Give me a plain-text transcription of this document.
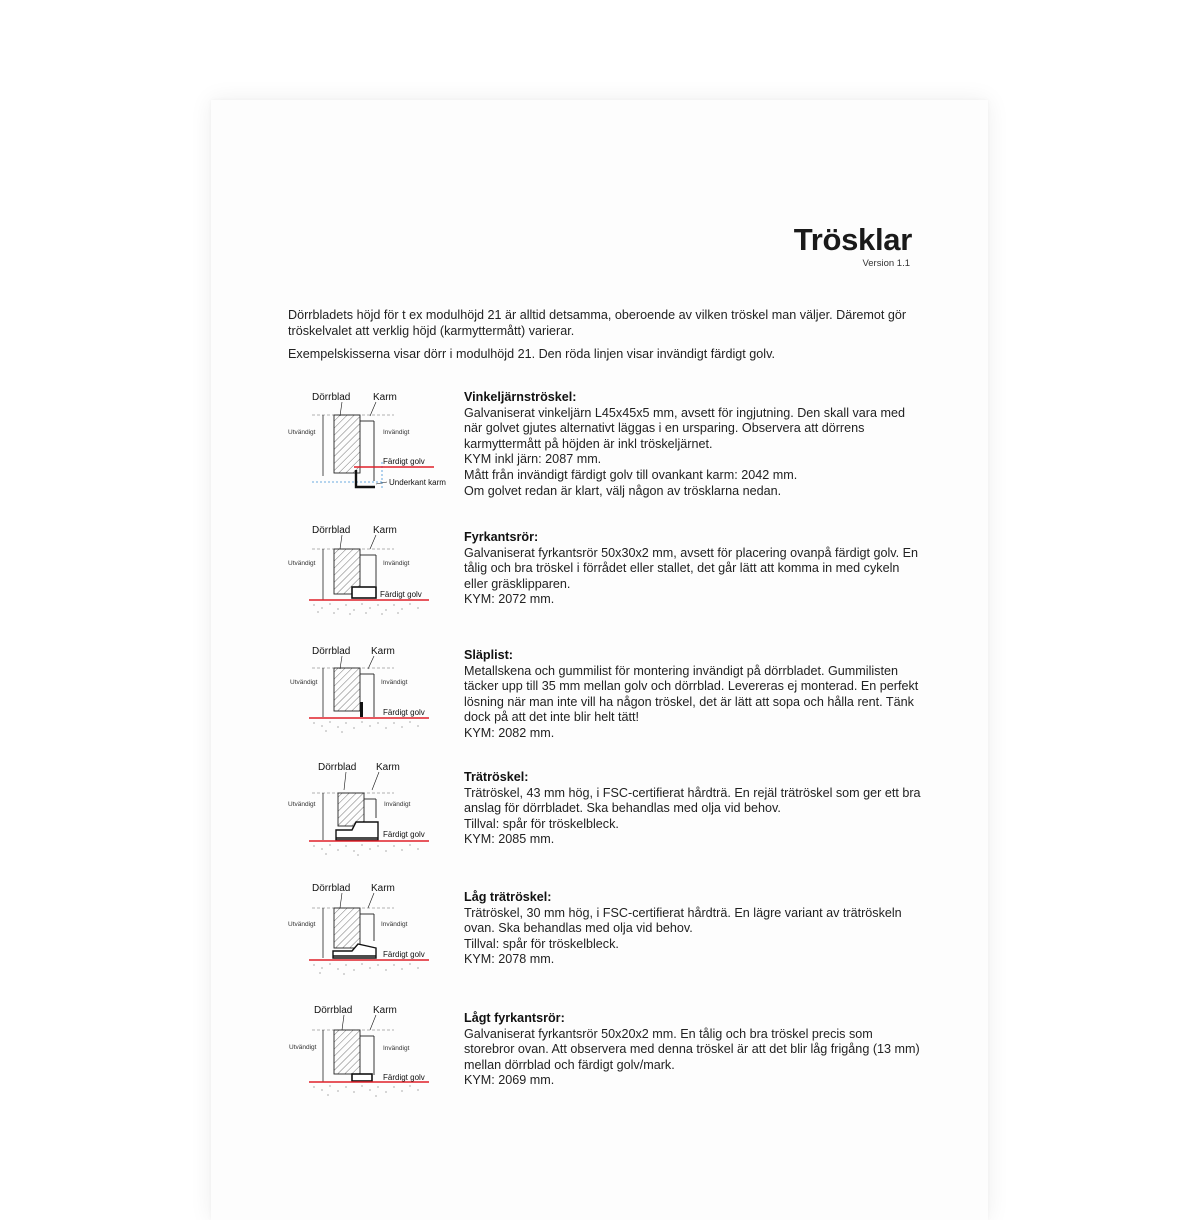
Trösklar
Version 1.1

Dörrbladets höjd för t ex modulhöjd 21 är alltid detsamma, oberoende av vilken tröskel man väljer. Däremot gör tröskelvalet att verklig höjd (karmyttermått) varierar.

Exempelskisserna visar dörr i modulhöjd 21. Den röda linjen visar invändigt färdigt golv.

Dörrblad Karm
Utvändigt	Invändigt
Färdigt golv
Underkant karm
Vinkeljärnströskel:
Galvaniserat vinkeljärn L45x45x5 mm, avsett för ingjutning. Den skall vara med när golvet gjutes alternativt läggas i en ursparing. Observera att dörrens karmyttermått på höjden är inkl tröskeljärnet.
KYM inkl järn: 2087 mm.
Mått från invändigt färdigt golv till ovankant karm: 2042 mm.
Om golvet redan är klart, välj någon av trösklarna nedan.
Dörrblad Karm
Utvändigt	Invändigt
Färdigt golv
Fyrkantsrör:
Galvaniserat fyrkantsrör 50x30x2 mm, avsett för placering ovanpå färdigt golv. En tålig och bra tröskel i förrådet eller stallet, det går lätt att komma in med cykeln eller gräsklipparen.
KYM: 2072 mm.
Dörrblad Karm
Utvändigt	Invändigt
Färdigt golv
Släplist:
Metallskena och gummilist för montering invändigt på dörrbladet. Gummilisten täcker upp till 35 mm mellan golv och dörrblad. Levereras ej monterad. En perfekt lösning när man inte vill ha någon tröskel, det är lätt att sopa och hålla rent. Tänk dock på att det inte blir helt tätt!
KYM: 2082 mm.
Dörrblad Karm
Utvändigt	Invändigt
Färdigt golv
Trätröskel:
Trätröskel, 43 mm hög, i FSC-certifierat hårdträ. En rejäl trätröskel som ger ett bra anslag för dörrbladet. Ska behandlas med olja vid behov.
Tillval: spår för tröskelbleck.
KYM: 2085 mm.
Dörrblad Karm
Utvändigt	Invändigt
Färdigt golv
Låg trätröskel:
Trätröskel, 30 mm hög, i FSC-certifierat hårdträ. En lägre variant av trätröskeln ovan. Ska behandlas med olja vid behov.
Tillval: spår för tröskelbleck.
KYM: 2078 mm.
Dörrblad Karm
Utvändigt	Invändigt
Färdigt golv
Lågt fyrkantsrör:
Galvaniserat fyrkantsrör 50x20x2 mm. En tålig och bra tröskel precis som storebror ovan. Att observera med denna tröskel är att det blir låg frigång (13 mm) mellan dörrblad och färdigt golv/mark.
KYM: 2069 mm.
